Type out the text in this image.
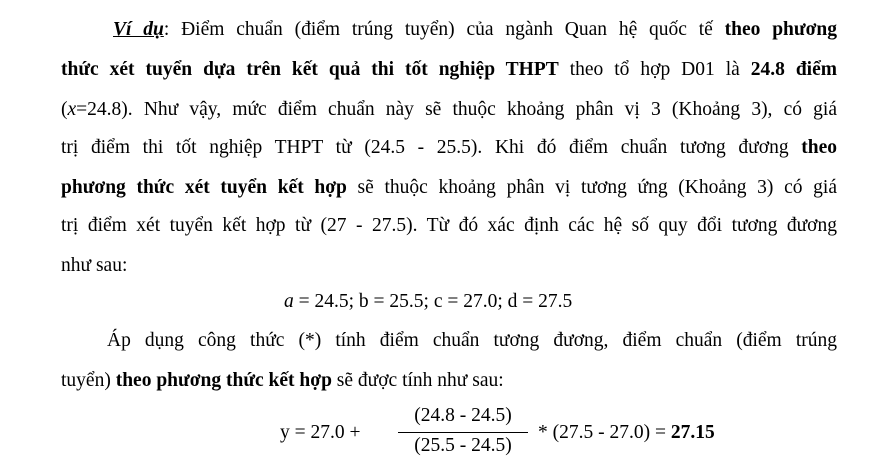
Ví dụ: Điểm chuẩn (điểm trúng tuyển) của ngành Quan hệ quốc tế theo phương
thức xét tuyển dựa trên kết quả thi tốt nghiệp THPT theo tổ hợp D01 là 24.8 điểm
(x=24.8). Như vậy, mức điểm chuẩn này sẽ thuộc khoảng phân vị 3 (Khoảng 3), có giá
trị điểm thi tốt nghiệp THPT từ (24.5 - 25.5). Khi đó điểm chuẩn tương đương theo
phương thức xét tuyển kết hợp sẽ thuộc khoảng phân vị tương ứng (Khoảng 3) có giá
trị điểm xét tuyển kết hợp từ (27 - 27.5). Từ đó xác định các hệ số quy đổi tương đương
như sau:
a = 24.5; b = 25.5; c = 27.0; d = 27.5
Áp dụng công thức (*) tính điểm chuẩn tương đương, điểm chuẩn (điểm trúng
tuyển) theo phương thức kết hợp sẽ được tính như sau:
y = 27.0 +
(24.8 - 24.5)
(25.5 - 24.5)
* (27.5 - 27.0) = 27.15
